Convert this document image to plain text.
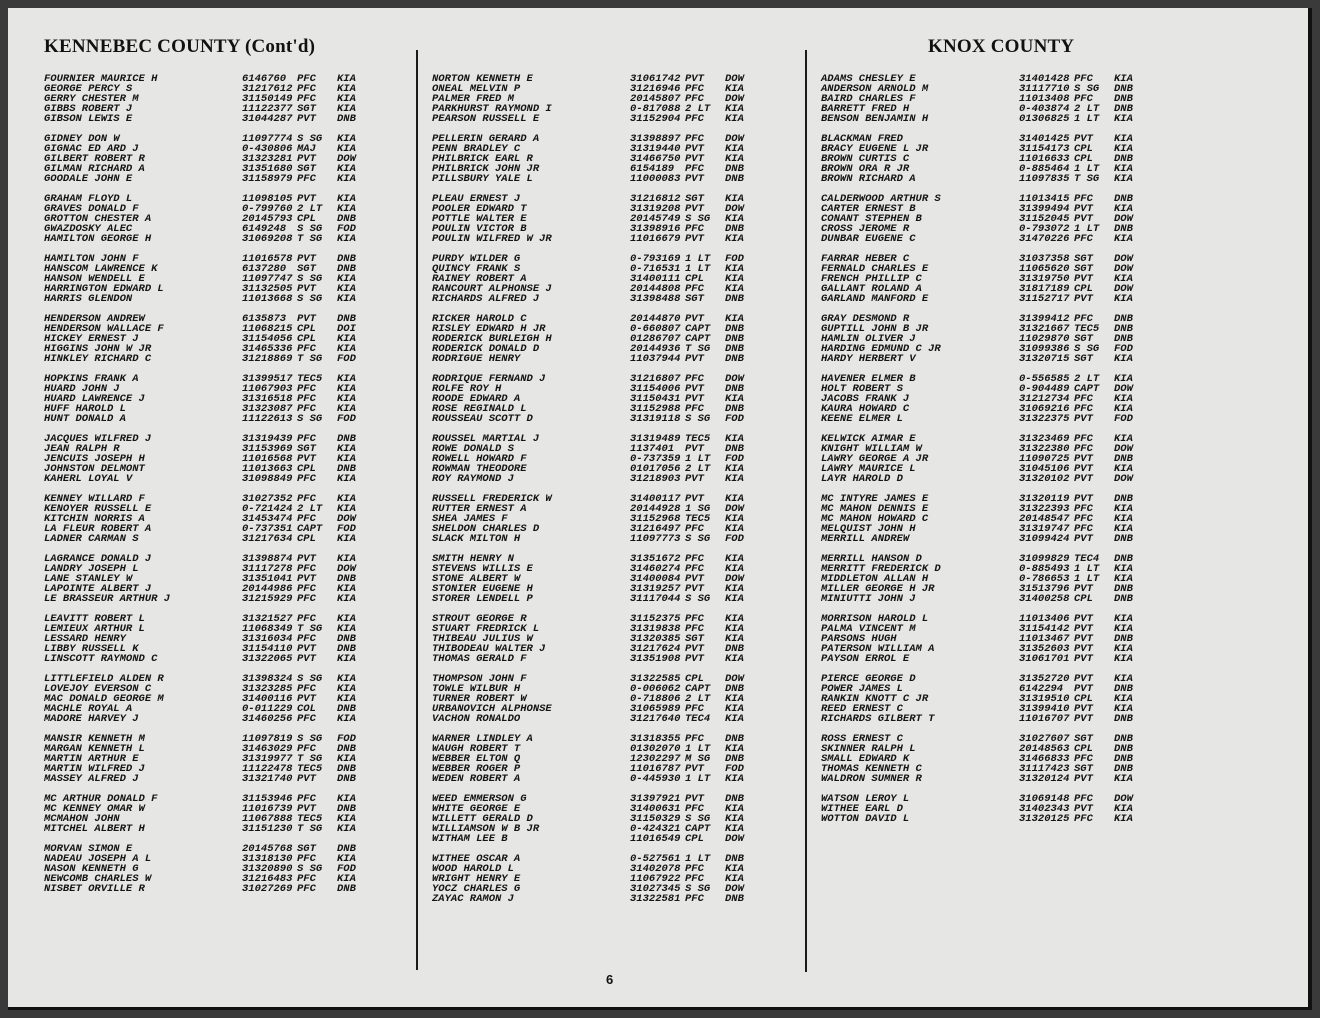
KENNEBEC COUNTY (Cont'd)	KNOX COUNTY
FOURNIER MAURICE H	6146760 PFC KIA
GEORGE PERCY S	31217612 PFC KIA
GERRY CHESTER M	31150149 PFC KIA
GIBBS ROBERT J	11122377 SGT KIA
GIBSON LEWIS E	31044287 PVT DNB
GIDNEY DON W	11097774 S SG KIA
GIGNAC ED ARD J	0-430806 MAJ KIA
GILBERT ROBERT R	31323281 PVT DOW
GILMAN RICHARD A	31351680 SGT KIA
GOODALE JOHN E	31158979 PFC KIA
GRAHAM FLOYD L	11098105 PVT KIA
GRAVES DONALD F	0-799760 2 LT KIA
GROTTON CHESTER A	20145793 CPL DNB
GWAZDOSKY ALEC	6149248 S SG FOD
HAMILTON GEORGE H	31069208 T SG KIA
HAMILTON JOHN F	11016578 PVT DNB
HANSCOM LAWRENCE K	6137280 SGT DNB
HANSON WENDELL E	11097747 S SG KIA
HARRINGTON EDWARD L	31132505 PVT KIA
HARRIS GLENDON	11013668 S SG KIA
HENDERSON ANDREW	6135873 PVT DNB
HENDERSON WALLACE F	11068215 CPL DOI
HICKEY ERNEST J	31154056 CPL KIA
HIGGINS JOHN W JR	31465336 PFC KIA
HINKLEY RICHARD C	31218869 T SG FOD
HOPKINS FRANK A	31399517 TEC5 KIA
HUARD JOHN J	11067903 PFC KIA
HUARD LAWRENCE J	31316518 PFC KIA
HUFF HAROLD L	31323087 PFC KIA
HUNT DONALD A	11122613 S SG FOD
JACQUES WILFRED J	31319439 PFC DNB
JEAN RALPH R	31153969 SGT KIA
JENCUIS JOSEPH H	11016568 PVT KIA
JOHNSTON DELMONT	11013663 CPL DNB
KAHERL LOYAL V	31098849 PFC KIA
KENNEY WILLARD F	31027352 PFC KIA
KENOYER RUSSELL E	0-721424 2 LT KIA
KITCHIN NORRIS A	31453474 PFC DOW
LA FLEUR ROBERT A	0-737351 CAPT FOD
LADNER CARMAN S	31217634 CPL KIA
LAGRANCE DONALD J	31398874 PVT KIA
LANDRY JOSEPH L	31117278 PFC DOW
LANE STANLEY W	31351041 PVT DNB
LAPOINTE ALBERT J	20144986 PFC KIA
LE BRASSEUR ARTHUR J	31215929 PFC KIA
LEAVITT ROBERT L	31321527 PFC KIA
LEMIEUX ARTHUR L	11068349 T SG KIA
LESSARD HENRY	31316034 PFC DNB
LIBBY RUSSELL K	31154110 PVT DNB
LINSCOTT RAYMOND C	31322065 PVT KIA
LITTLEFIELD ALDEN R	31398324 S SG KIA
LOVEJOY EVERSON C	31323285 PFC KIA
MAC DONALD GEORGE M	31400116 PVT KIA
MACHLE ROYAL A	0-011229 COL DNB
MADORE HARVEY J	31460256 PFC KIA
MANSIR KENNETH M	11097819 S SG FOD
MARGAN KENNETH L	31463029 PFC DNB
MARTIN ARTHUR E	31319977 T SG KIA
MARTIN WILFRED J	11122478 TEC5 DNB
MASSEY ALFRED J	31321740 PVT DNB
MC ARTHUR DONALD F	31153946 PFC KIA
MC KENNEY OMAR W	11016739 PVT DNB
MCMAHON JOHN	11067888 TEC5 KIA
MITCHEL ALBERT H	31151230 T SG KIA
MORVAN SIMON E	20145768 SGT DNB
NADEAU JOSEPH A L	31318130 PFC KIA
NASON KENNETH G	31320890 S SG FOD
NEWCOMB CHARLES W	31216483 PFC KIA
NISBET ORVILLE R	31027269 PFC DNB
NORTON KENNETH E	31061742 PVT DOW
ONEAL MELVIN P	31216946 PFC KIA
PALMER FRED M	20145807 PFC DOW
PARKHURST RAYMOND I	0-817088 2 LT KIA
PEARSON RUSSELL E	31152904 PFC KIA
PELLERIN GERARD A	31398897 PFC DOW
PENN BRADLEY C	31319440 PVT KIA
PHILBRICK EARL R	31466750 PVT KIA
PHILBRICK JOHN JR	6154189 PFC DNB
PILLSBURY YALE L	11000083 PVT DNB
PLEAU ERNEST J	31216812 SGT KIA
POOLER EDWARD T	31319208 PVT DOW
POTTLE WALTER E	20145749 S SG KIA
POULIN VICTOR B	31398916 PFC DNB
POULIN WILFRED W JR	11016679 PVT KIA
PURDY WILDER G	0-793169 1 LT FOD
QUINCY FRANK S	0-716531 1 LT KIA
RAINEY ROBERT A	31400111 CPL KIA
RANCOURT ALPHONSE J	20144808 PFC KIA
RICHARDS ALFRED J	31398488 SGT DNB
RICKER HAROLD C	20144870 PVT KIA
RISLEY EDWARD H JR	0-660807 CAPT DNB
RODERICK BURLEIGH H	01286707 CAPT DNB
RODERICK DONALD D	20144936 T SG DNB
RODRIGUE HENRY	11037944 PVT DNB
RODRIQUE FERNAND J	31216807 PFC DOW
ROLFE ROY H	31154006 PVT DNB
ROODE EDWARD A	31150431 PVT KIA
ROSE REGINALD L	31152988 PFC DNB
ROUSSEAU SCOTT D	31319118 S SG FOD
ROUSSEL MARTIAL J	31319489 TEC5 KIA
ROWE DONALD S	1137401 PVT DNB
ROWELL HOWARD F	0-737359 1 LT FOD
ROWMAN THEODORE	01017056 2 LT KIA
ROY RAYMOND J	31218903 PVT KIA
RUSSELL FREDERICK W	31400117 PVT KIA
RUTTER ERNEST A	20144928 1 SG DOW
SHEA JAMES F	31152968 TEC5 KIA
SHELDON CHARLES D	31216497 PFC KIA
SLACK MILTON H	11097773 S SG FOD
SMITH HENRY N	31351672 PFC KIA
STEVENS WILLIS E	31460274 PFC KIA
STONE ALBERT W	31400084 PVT DOW
STONIER EUGENE H	31319257 PVT KIA
STORER LENDELL P	31117044 S SG KIA
STROUT GEORGE R	31152375 PFC KIA
STUART FREDRICK L	31319838 PFC KIA
THIBEAU JULIUS W	31320385 SGT KIA
THIBODEAU WALTER J	31217624 PVT DNB
THOMAS GERALD F	31351908 PVT KIA
THOMPSON JOHN F	31322585 CPL DOW
TOWLE WILBUR H	0-006062 CAPT DNB
TURNER ROBERT W	0-718806 2 LT KIA
URBANOVICH ALPHONSE	31065989 PFC KIA
VACHON RONALDO	31217640 TEC4 KIA
WARNER LINDLEY A	31318355 PFC DNB
WAUGH ROBERT T	01302070 1 LT KIA
WEBBER ELTON Q	12302297 M SG DNB
WEBBER ROGER P	11016787 PVT FOD
WEDEN ROBERT A	0-445930 1 LT KIA
WEED EMMERSON G	31397921 PVT DNB
WHITE GEORGE E	31400631 PFC KIA
WILLETT GERALD D	31150329 S SG KIA
WILLIAMSON W B JR	0-424321 CAPT KIA
WITHAM LEE B	11016549 CPL DOW
WITHEE OSCAR A	0-527561 1 LT DNB
WOOD HAROLD L	31402078 PFC KIA
WRIGHT HENRY E	11067922 PFC KIA
YOCZ CHARLES G	31027345 S SG DOW
ZAYAC RAMON J	31322581 PFC DNB
ADAMS CHESLEY E	31401428 PFC KIA
ANDERSON ARNOLD M	31117710 S SG DNB
BAIRD CHARLES F	11013408 PFC DNB
BARRETT FRED H	0-403874 2 LT DNB
BENSON BENJAMIN H	01306825 1 LT KIA
BLACKMAN FRED	31401425 PVT KIA
BRACY EUGENE L JR	31154173 CPL KIA
BROWN CURTIS C	11016633 CPL DNB
BROWN ORA R JR	0-885464 1 LT KIA
BROWN RICHARD A	11097835 T SG KIA
CALDERWOOD ARTHUR S	11013415 PFC DNB
CARTER ERNEST B	31399494 PVT KIA
CONANT STEPHEN B	31152045 PVT DOW
CROSS JEROME R	0-793072 1 LT DNB
DUNBAR EUGENE C	31470226 PFC KIA
FARRAR HEBER C	31037358 SGT DOW
FERNALD CHARLES E	11065620 SGT DOW
FRENCH PHILLIP C	31319750 PVT KIA
GALLANT ROLAND A	31817189 CPL DOW
GARLAND MANFORD E	31152717 PVT KIA
GRAY DESMOND R	31399412 PFC DNB
GUPTILL JOHN B JR	31321667 TEC5 DNB
HAMLIN OLIVER J	11029870 SGT DNB
HARDING EDMUND C JR	31099386 S SG FOD
HARDY HERBERT V	31320715 SGT KIA
HAVENER ELMER B	0-556585 2 LT KIA
HOLT ROBERT S	0-904489 CAPT DOW
JACOBS FRANK J	31212734 PFC KIA
KAURA HOWARD C	31069216 PFC KIA
KEENE ELMER L	31322375 PVT FOD
KELWICK AIMAR E	31323469 PFC KIA
KNIGHT WILLIAM W	31322380 PFC DOW
LAWRY GEORGE A JR	11090725 PVT DNB
LAWRY MAURICE L	31045106 PVT KIA
LAYR HAROLD D	31320102 PVT DOW
MC INTYRE JAMES E	31320119 PVT DNB
MC MAHON DENNIS E	31322393 PFC KIA
MC MAHON HOWARD C	20148547 PFC KIA
MELQUIST JOHN H	31319747 PFC KIA
MERRILL ANDREW	31099424 PVT DNB
MERRILL HANSON D	31099829 TEC4 DNB
MERRITT FREDERICK D	0-885493 1 LT KIA
MIDDLETON ALLAN H	0-786653 1 LT KIA
MILLER GEORGE H JR	31513796 PVT DNB
MINIUTTI JOHN J	31400258 CPL DNB
MORRISON HAROLD L	11013406 PVT KIA
PALMA VINCENT M	31154142 PVT KIA
PARSONS HUGH	11013467 PVT DNB
PATERSON WILLIAM A	31352603 PVT KIA
PAYSON ERROL E	31061701 PVT KIA
PIERCE GEORGE D	31352720 PVT KIA
POWER JAMES L	6142294 PVT DNB
RANKIN KNOTT C JR	31319510 CPL KIA
REED ERNEST C	31399410 PVT KIA
RICHARDS GILBERT T	11016707 PVT DNB
ROSS ERNEST C	31027607 SGT DNB
SKINNER RALPH L	20148563 CPL DNB
SMALL EDWARD K	31466833 PFC DNB
THOMAS KENNETH C	31117423 SGT DNB
WALDRON SUMNER R	31320124 PVT KIA
WATSON LEROY L	31069148 PFC DOW
WITHEE EARL D	31402343 PVT KIA
WOTTON DAVID L	31320125 PFC KIA
6
